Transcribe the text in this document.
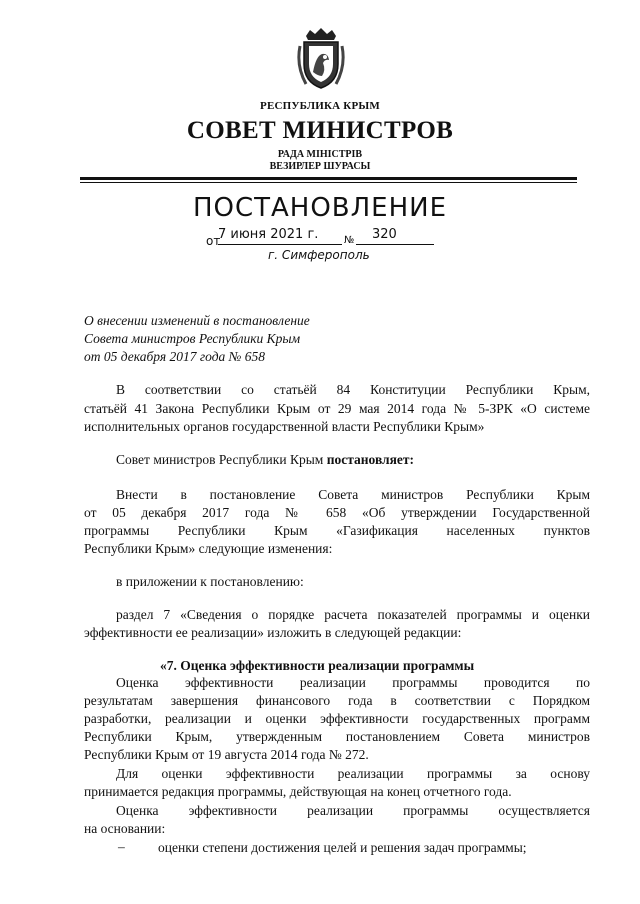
РЕСПУБЛИКА КРЫМ
СОВЕТ МИНИСТРОВ
РАДА МІНІСТРІВ
ВЕЗИРЛЕР ШУРАСЫ
ПОСТАНОВЛЕНИЕ
от
7 июня 2021 г.	№ 320
г. Симферополь
О внесении изменений в постановление
Совета министров Республики Крым
от 05 декабря 2017 года № 658
В соответствии со статьёй 84 Конституции Республики Крым,
статьёй 41 Закона Республики Крым от 29 мая 2014 года № 5-ЗРК «О системе
исполнительных органов государственной власти Республики Крым»
Совет министров Республики Крым постановляет:
Внести в постановление Совета министров Республики Крым
от 05 декабря 2017 года № 658 «Об утверждении Государственной
программы Республики Крым «Газификация населенных пунктов
Республики Крым» следующие изменения:
в приложении к постановлению:
раздел 7 «Сведения о порядке расчета показателей программы и оценки
эффективности ее реализации» изложить в следующей редакции:
«7. Оценка эффективности реализации программы
Оценка эффективности реализации программы проводится по
результатам завершения финансового года в соответствии с Порядком
разработки, реализации и оценки эффективности государственных программ
Республики Крым, утвержденным постановлением Совета министров
Республики Крым от 19 августа 2014 года № 272.
Для оценки эффективности реализации программы за основу
принимается редакция программы, действующая на конец отчетного года.
Оценка эффективности реализации программы осуществляется
на основании:
– оценки степени достижения целей и решения задач программы;
